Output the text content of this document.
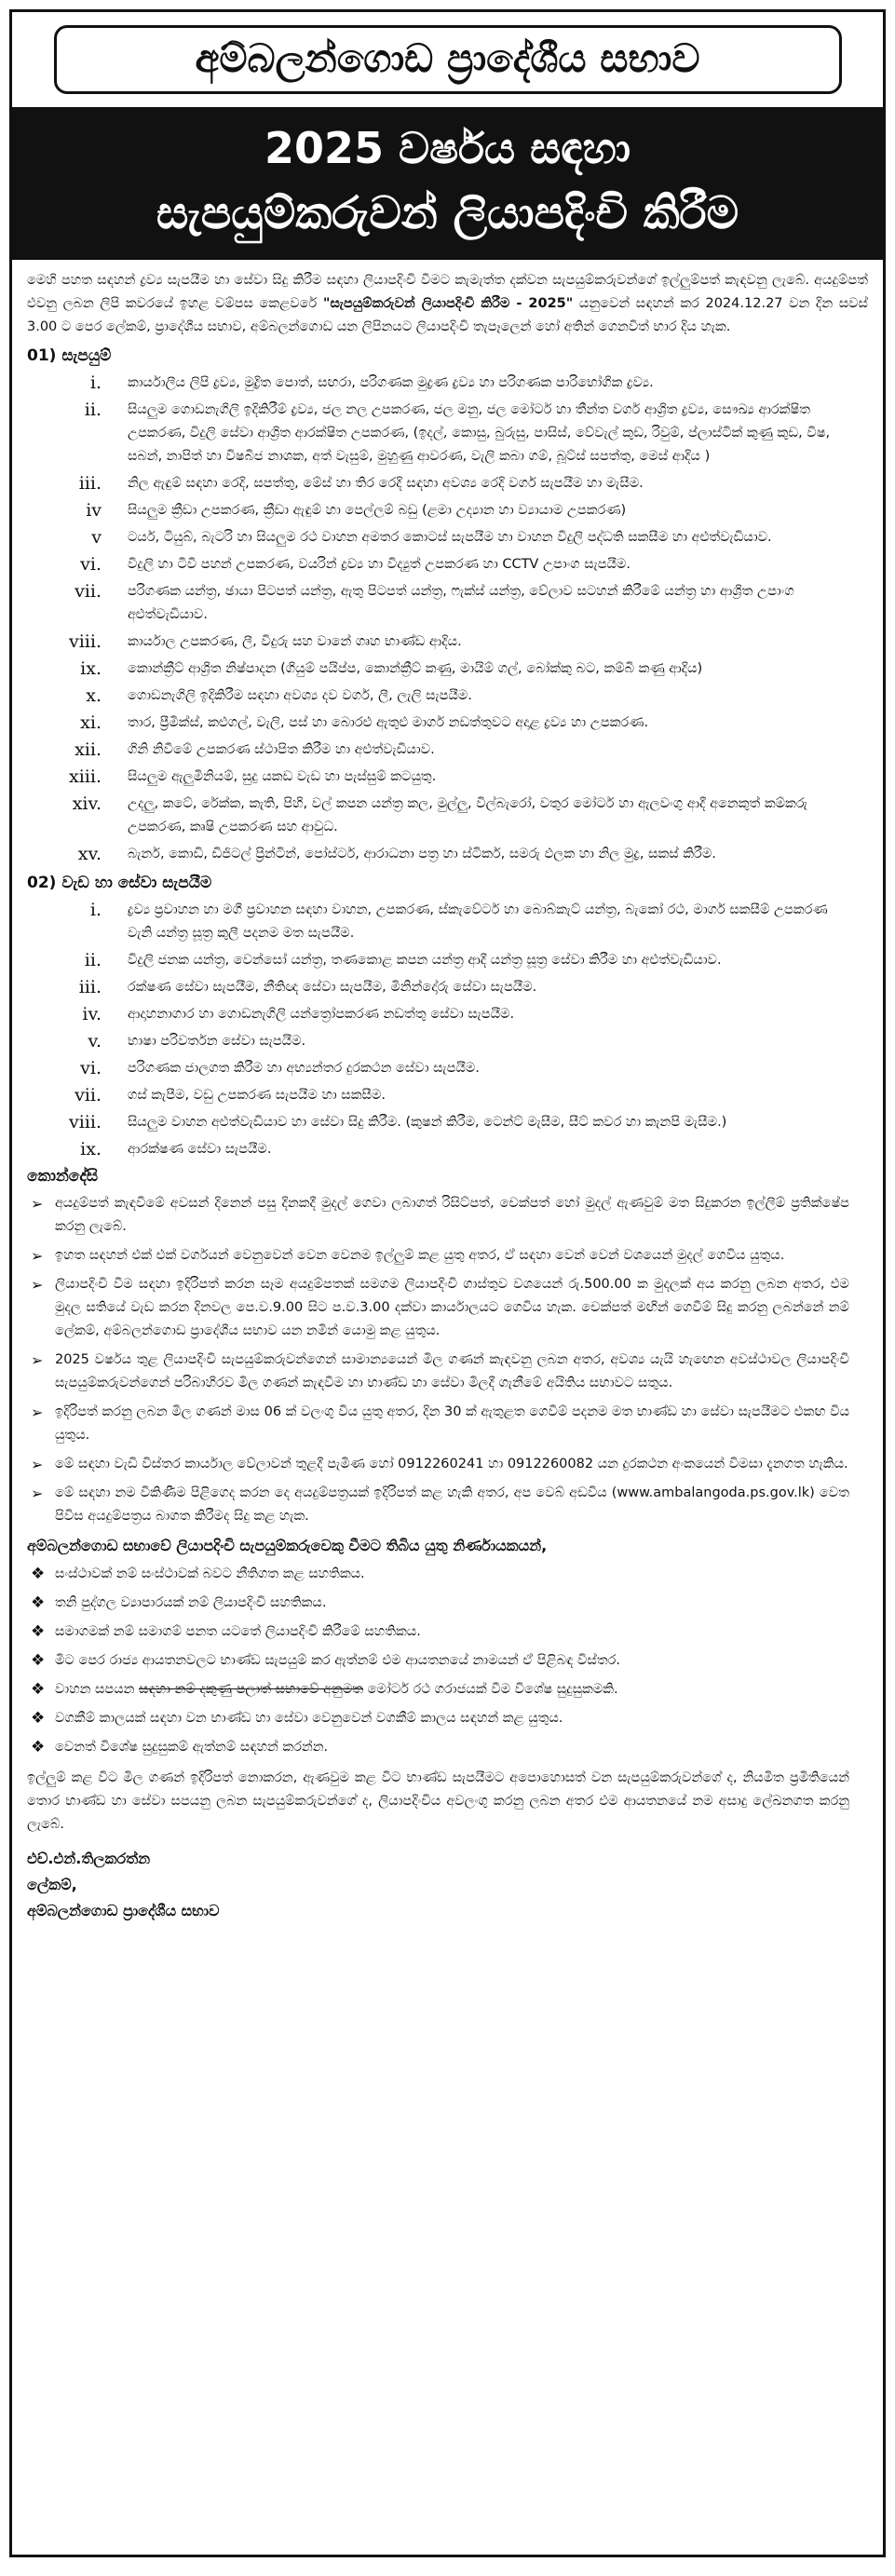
අම්බලන්ගොඩ ප්‍රාදේශීය සභාව
2025 වර්ෂය සඳහා
සැපයුම්කරුවන් ලියාපදිංචි කිරීම
මෙහි පහත සඳහන් ද්‍රව්‍ය සැපයීම හා සේවා සිදු කිරීම සඳහා ලියාපදිංචි වීමට කැමැත්ත දක්වන සැපයුම්කරුවන්ගේ ඉල්ලුම්පත් කැඳවනු ලැබේ. අයදුම්පත් එවනු ලබන ලිපි කවරයේ ඉහළ වම්පස කෙළවරේ "සැපයුම්කරුවන් ලියාපදිංචි කිරීම - 2025" යනුවෙන් සඳහන් කර 2024.12.27 වන දින සවස් 3.00 ට පෙර ලේකම්, ප්‍රාදේශීය සභාව, අම්බලන්ගොඩ යන ලිපිනයට ලියාපදිංචි තැපෑලෙන් හෝ අතින් ගෙනවිත් භාර දිය හැක.
01) සැපයුම්
i.	කාර්යාලීය ලිපි ද්‍රව්‍ය, මුද්‍රිත පොත්, සඟරා, පරිගණක මුද්‍රණ ද්‍රව්‍ය හා පරිගණක පාරිභෝගික ද්‍රව්‍ය.
ii.	සියලුම ගොඩනැගිලි ඉදිකිරීම් ද්‍රව්‍ය, ජල නල උපකරණ, ජල මනු, ජල මෝටර් හා තීන්ත වර්ග ආශ්‍රිත ද්‍රව්‍ය, සෞඛ්‍ය ආරක්ෂිත උපකරණ, විදුලි සේවා ආශ්‍රිත ආරක්ෂිත උපකරණ, (ඉදල්, කොසු, බුරුසු, පාසිස්, වේවැල් කුඩ, රිවුම්, ප්ලාස්ටික් කුණු කුඩ, විෂ, සබන්, නාපිත් හා විෂබීජ නාශක, අත් වැසුම්, මුහුණු ආවරණ, වැලි කබා ගම්, බූට්ස් සපත්තු, මෙස් ආදිය )
iii.	නිල ඇඳුම් සඳහා රෙදි, සපත්තු, මේස් හා තිර රෙදි සඳහා අවශ්‍ය රෙදි වර්ග සැපයීම හා මැසීම.
iv	සියලුම ක්‍රීඩා උපකරණ, ක්‍රීඩා ඇඳුම් හා පෙල්ලම් බඩු (ළමා උද්‍යාන හා ව්‍යායාම උපකරණ)
v	ටයර්, ටියුබ්, බැටරි හා සියලුම රථ වාහන අමතර කොටස් සැපයීම හා වාහන විදුලි පද්ධති සකසීම හා අළුත්වැඩියාව.
vi.	විදුලි හා ටීවී පහන් උපකරණ, වයරින් ද්‍රව්‍ය හා විද්‍යුත් උපකරණ හා CCTV උපාංග සැපයීම.
vii.	පරිගණක යන්ත්‍ර, ඡායා පිටපත් යන්ත්‍ර, ඇතු පිටපත් යන්ත්‍ර, ෆැක්ස් යන්ත්‍ර, වේලාව සටහන් කිරීමේ යන්ත්‍ර හා ආශ්‍රිත උපාංග අළුත්වැඩියාව.
viii.	කාර්යාල උපකරණ, ලී, විදුරු සහ වානේ ගෘහ භාණ්ඩ ආදිය.
ix.	කොන්ක්‍රීට් ආශ්‍රිත නිෂ්පාදන (ගියුම් පයිප්ප, කොන්ක්‍රීට් කණු, මායිම් ගල්, බෝක්කු බට, කම්බි කණු ආදිය)
x.	ගොඩනැගිලි ඉදිකිරීම සඳහා අවශ්‍ය දව වර්ග, ලී, ලැලි සැපයීම.
xi.	තාර, ප්‍රීමික්ස්, කළුගල්, වැලි, පස් හා බොරළු ඇතුළු මාර්ග නඩත්තුවට අදාළ ද්‍රව්‍ය හා උපකරණ.
xii.	ගිනි නිවීමේ උපකරණ ස්ථාපිත කිරීම හා අළුත්වැඩියාව.
xiii.	සියලුම ඇලුමිනියම්, සුදු යකඩ වැඩ හා පැස්සුම් කටයුතු.
xiv.	උදලු, කටේ, රේක්ක, කැති, පිහි, වල් කපන යන්ත්‍ර කල, මුල්ලු, විල්බැරෝ, වතුර මෝටර් හා ඇලවංගු ආදී අනෙකුත් කම්කරු උපකරණ, කෘෂි උපකරණ සහ ආවුධ.
xv.	බැනර්, කොඩි, ඩිජිටල් ප්‍රින්ටින්, පෝස්ටර්, ආරාධනා පත්‍ර හා ස්ටිකර්, සමරු ඵලක හා නිල මුද්‍ර, සකස් කිරීම.
02) වැඩ හා සේවා සැපයීම
i.	ද්‍රව්‍ය ප්‍රවාහන හා මගී ප්‍රවාහන සඳහා වාහන, උපකරණ, ස්කැවේටර් හා බොබ්කැට් යන්ත්‍ර, බැකෝ රථ, මාර්ග සකසීම් උපකරණ වැනි යන්ත්‍ර සූත්‍ර කුලී පදනම මත සැපයීම.
ii.	විදුලි ජනක යන්ත්‍ර, වෙන්සෝ යන්ත්‍ර, තණකොළ කපන යන්ත්‍ර ආදී යන්ත්‍ර සූත්‍ර සේවා කිරීම හා අළුත්වැඩියාව.
iii.	රක්ෂණ සේවා සැපයීම, නීතිඥ සේවා සැපයීම, මිනින්දෝරු සේවා සැපයීම.
iv.	ආදාහනාගාර හා ගොඩනැගිලි යන්ත්‍රෝපකරණ නඩත්තු සේවා සැපයීම.
v.	භාෂා පරිවර්තන සේවා සැපයීම.
vi.	පරිගණක ජාලගත කිරීම හා අභ්‍යන්තර දුරකථන සේවා සැපයීම.
vii.	ගස් කැපීම, වඩු උපකරණ සැපයීම හා සකසීම.
viii.	සියලුම වාහන අළුත්වැඩියාව හා සේවා සිදු කිරීම. (කුෂන් කිරීම, ටෙන්ට් මැසීම, සීට් කවර හා කැනපි මැසීම.)
ix.	ආරක්ෂණ සේවා සැපයීම.
කොන්දේසි
➢ අයදුම්පත් කැඳවීමේ අවසන් දිනෙන් පසු දිනකදී මුදල් ගෙවා ලබාගත් රිසිට්පත්, චෙක්පත් හෝ මුදල් ඇණවුම් මත සිදුකරන ඉල්ලීම් ප්‍රතික්ෂේප කරනු ලැබේ.
➢ ඉහත සඳහන් එක් එක් වර්ගයන් වෙනුවෙන් වෙන වෙනම ඉල්ලුම් කළ යුතු අතර, ඒ සඳහා වෙන් වෙන් වශයෙන් මුදල් ගෙවිය යුතුය.
➢ ලියාපදිංචි වීම සඳහා ඉදිරිපත් කරන සෑම අයදුම්පතක් සමගම ලියාපදිංචි ගාස්තුව වශයෙන් රු.500.00 ක මුදලක් අය කරනු ලබන අතර, එම මුදල සතියේ වැඩ කරන දිනවල පෙ.ව.9.00 සිට ප.ව.3.00 දක්වා කාර්යාලයට ගෙවිය හැක. චෙක්පත් මඟින් ගෙවීම් සිදු කරනු ලබන්නේ නම් ලේකම්, අම්බලන්ගොඩ ප්‍රාදේශීය සභාව යන නමින් යොමු කළ යුතුය.
➢ 2025 වර්ෂය තුළ ලියාපදිංචි සැපයුම්කරුවන්ගෙන් සාමාන්‍යයෙන් මිල ගණන් කැඳවනු ලබන අතර, අවශ්‍ය යැයි හැඟෙන අවස්ථාවල ලියාපදිංචි සැපයුම්කරුවන්ගෙන් පරිබාහිරව මිල ගණන් කැඳවීම හා භාණ්ඩ හා සේවා මිලදී ගැනීමේ අයිතිය සභාවට සතුය.
➢ ඉදිරිපත් කරනු ලබන මිල ගණන් මාස 06 ක් වලංගු විය යුතු අතර, දින 30 ක් ඇතුළත ගෙවීම් පදනම මත භාණ්ඩ හා සේවා සැපයීමට එකඟ විය යුතුය.
➢ මේ සඳහා වැඩි විස්තර කාර්යාල වේලාවන් තුළදී පැමිණ හෝ 0912260241 හා 0912260082 යන දුරකථන අංකයෙන් විමසා දැනගත හැකිය.
➢ මේ සඳහා නම විකිණීම පිළිගෙද කරන දෙ අයදුම්පත්‍රයක් ඉදිරිපත් කළ හැකි අතර, අප වෙබ් අඩවිය (www.ambalangoda.ps.gov.lk) වෙත පිවිස අයදුම්පත්‍රය බාගත කිරීමද සිදු කළ හැක.
අම්බලන්ගොඩ සභාවේ ලියාපදිංචි සැපයුම්කරුවෙකු වීමට තිබිය යුතු නිර්ණායකයන්,
❖ සංස්ථාවක් නම් සංස්ථාවක් බවට නීතිගත කළ සහතිකය.
❖ තනි පුද්ගල ව්‍යාපාරයක් නම් ලියාපදිංචි සහතිකය.
❖ සමාගමක් නම් සමාගම් පනත යටතේ ලියාපදිංචි කිරීමේ සහතිකය.
❖ මිට පෙර රාජ්‍ය ආයතනවලට භාණ්ඩ සැපයුම් කර ඇත්නම් එම ආයතනයේ නාමයන් ඒ පිළිබඳ විස්තර.
❖ වාහන සපයන සඳහා නම් දකුණු පලාත් සභාවේ අනුමත මෝටර් රථ ගරාජයක් වීම විශේෂ සුදුසුකමකි.
❖ වගකීම් කාලයක් සඳහා වන භාණ්ඩ හා සේවා වෙනුවෙන් වගකීම් කාලය සඳහන් කළ යුතුය.
❖ වෙනත් විශේෂ සුදුසුකම් ඇත්නම් සඳහන් කරන්න.
ඉල්ලුම් කළ විට මිල ගණන් ඉදිරිපත් නොකරන, ඇණවුම කළ විට භාණ්ඩ සැපයීමට අපොහොසත් වන සැපයුම්කරුවන්ගේ ද, නියමිත ප්‍රමිතියෙන් තොර භාණ්ඩ හා සේවා සපයනු ලබන සැපයුම්කරුවන්ගේ ද, ලියාපදිංචිය අවලංගු කරනු ලබන අතර එම ආයතනයේ නම අසාදු ලේඛනගත කරනු ලැබේ.
එච්.එන්.තිලකරත්න
ලේකම්,
අම්බලන්ගොඩ ප්‍රාදේශීය සභාව
